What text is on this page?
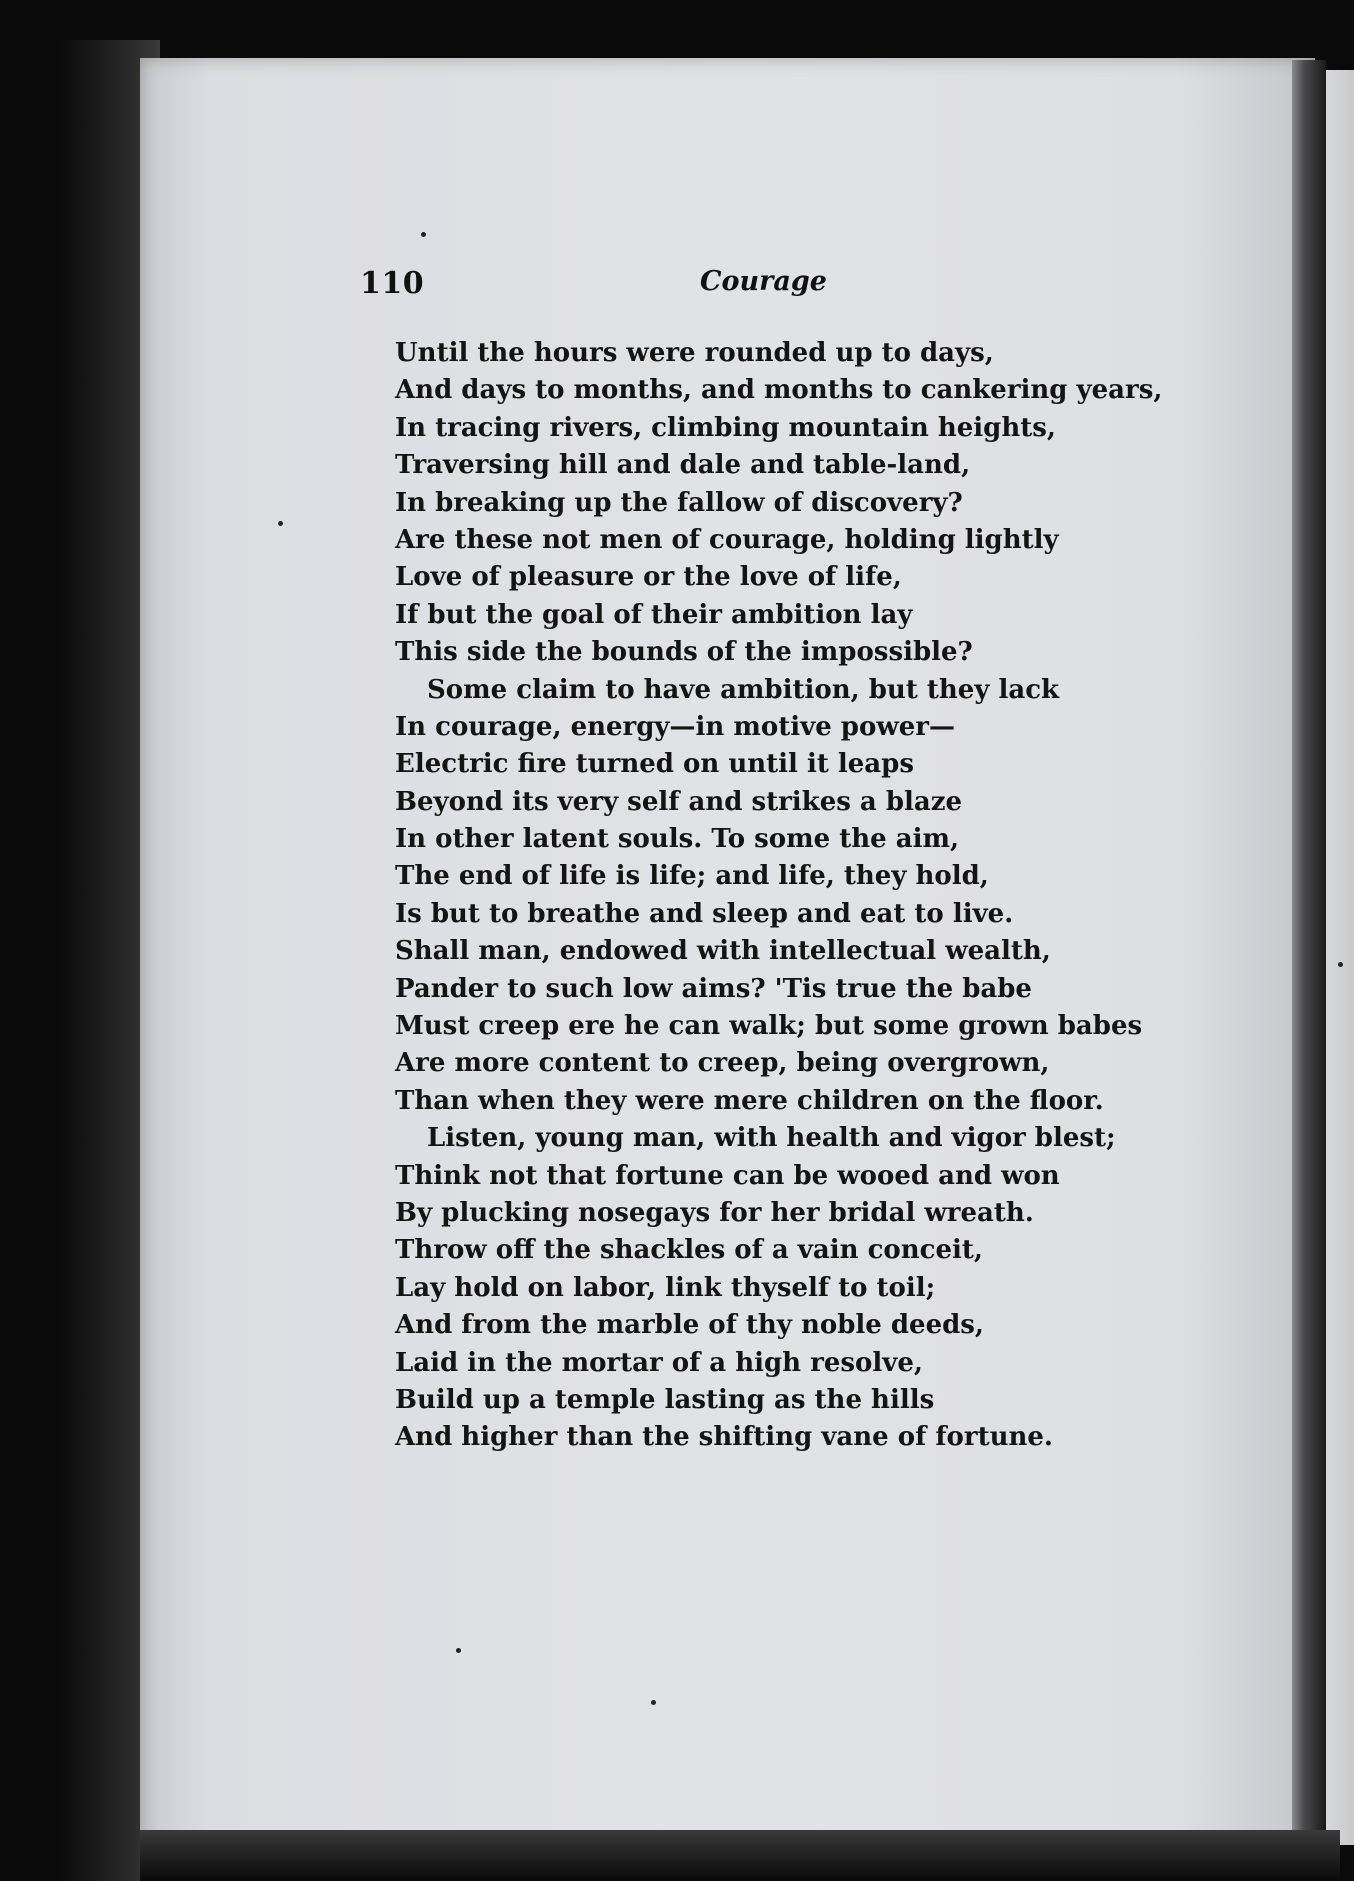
110	Courage
Until the hours were rounded up to days,
And days to months, and months to cankering years,
In tracing rivers, climbing mountain heights,
Traversing hill and dale and table-land,
In breaking up the fallow of discovery?
Are these not men of courage, holding lightly
Love of pleasure or the love of life,
If but the goal of their ambition lay
This side the bounds of the impossible?
Some claim to have ambition, but they lack
In courage, energy—in motive power—
Electric fire turned on until it leaps
Beyond its very self and strikes a blaze
In other latent souls. To some the aim,
The end of life is life; and life, they hold,
Is but to breathe and sleep and eat to live.
Shall man, endowed with intellectual wealth,
Pander to such low aims? 'Tis true the babe
Must creep ere he can walk; but some grown babes
Are more content to creep, being overgrown,
Than when they were mere children on the floor.
Listen, young man, with health and vigor blest;
Think not that fortune can be wooed and won
By plucking nosegays for her bridal wreath.
Throw off the shackles of a vain conceit,
Lay hold on labor, link thyself to toil;
And from the marble of thy noble deeds,
Laid in the mortar of a high resolve,
Build up a temple lasting as the hills
And higher than the shifting vane of fortune.
